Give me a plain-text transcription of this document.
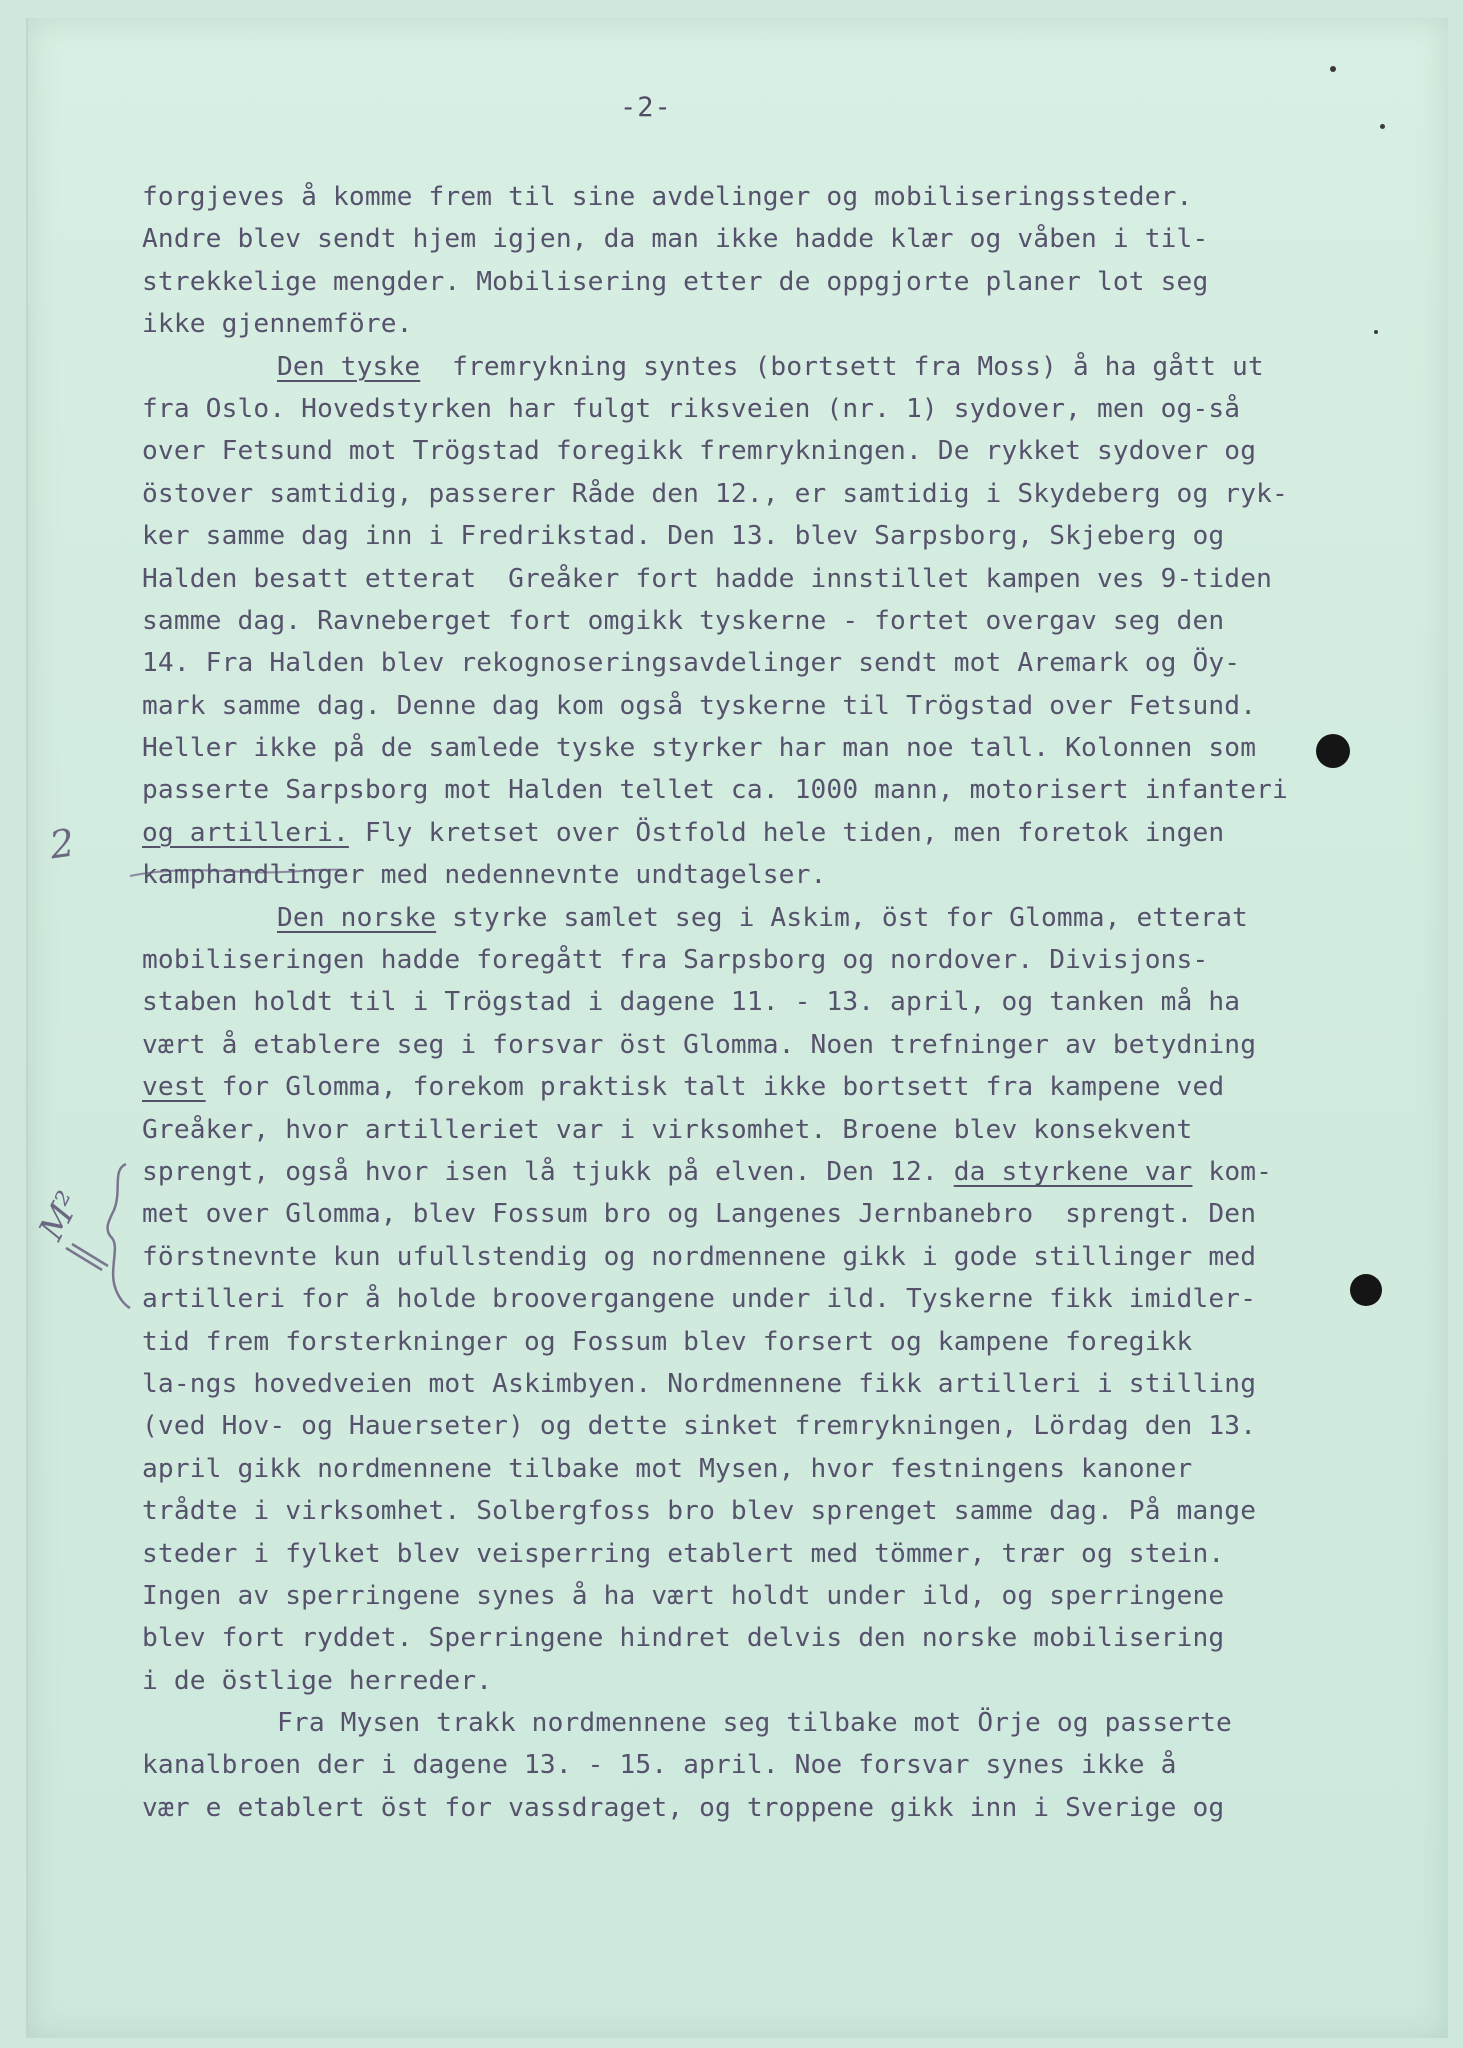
-2-
2
M²
forgjeves å komme frem til sine avdelinger og mobiliseringssteder.
Andre blev sendt hjem igjen, da man ikke hadde klær og våben i til-
strekkelige mengder. Mobilisering etter de oppgjorte planer lot seg
ikke gjennemföre.
Den tyske  fremrykning syntes (bortsett fra Moss) å ha gått ut
fra Oslo. Hovedstyrken har fulgt riksveien (nr. 1) sydover, men og-så
over Fetsund mot Trögstad foregikk fremrykningen. De rykket sydover og
östover samtidig, passerer Råde den 12., er samtidig i Skydeberg og ryk-
ker samme dag inn i Fredrikstad. Den 13. blev Sarpsborg, Skjeberg og
Halden besatt etterat  Greåker fort hadde innstillet kampen ves 9-tiden
samme dag. Ravneberget fort omgikk tyskerne - fortet overgav seg den
14. Fra Halden blev rekognoseringsavdelinger sendt mot Aremark og Öy-
mark samme dag. Denne dag kom også tyskerne til Trögstad over Fetsund.
Heller ikke på de samlede tyske styrker har man noe tall. Kolonnen som
passerte Sarpsborg mot Halden tellet ca. 1000 mann, motorisert infanteri
og artilleri. Fly kretset over Östfold hele tiden, men foretok ingen
kamphandlinger med nedennevnte undtagelser.
Den norske styrke samlet seg i Askim, öst for Glomma, etterat
mobiliseringen hadde foregått fra Sarpsborg og nordover. Divisjons-
staben holdt til i Trögstad i dagene 11. - 13. april, og tanken må ha
vært å etablere seg i forsvar öst Glomma. Noen trefninger av betydning
vest for Glomma, forekom praktisk talt ikke bortsett fra kampene ved
Greåker, hvor artilleriet var i virksomhet. Broene blev konsekvent
sprengt, også hvor isen lå tjukk på elven. Den 12. da styrkene var kom-
met over Glomma, blev Fossum bro og Langenes Jernbanebro  sprengt. Den
förstnevnte kun ufullstendig og nordmennene gikk i gode stillinger med
artilleri for å holde broovergangene under ild. Tyskerne fikk imidler-
tid frem forsterkninger og Fossum blev forsert og kampene foregikk
la-ngs hovedveien mot Askimbyen. Nordmennene fikk artilleri i stilling
(ved Hov- og Hauerseter) og dette sinket fremrykningen, Lördag den 13.
april gikk nordmennene tilbake mot Mysen, hvor festningens kanoner
trådte i virksomhet. Solbergfoss bro blev sprenget samme dag. På mange
steder i fylket blev veisperring etablert med tömmer, trær og stein.
Ingen av sperringene synes å ha vært holdt under ild, og sperringene
blev fort ryddet. Sperringene hindret delvis den norske mobilisering
i de östlige herreder.
Fra Mysen trakk nordmennene seg tilbake mot Örje og passerte
kanalbroen der i dagene 13. - 15. april. Noe forsvar synes ikke å
vær e etablert öst for vassdraget, og troppene gikk inn i Sverige og
